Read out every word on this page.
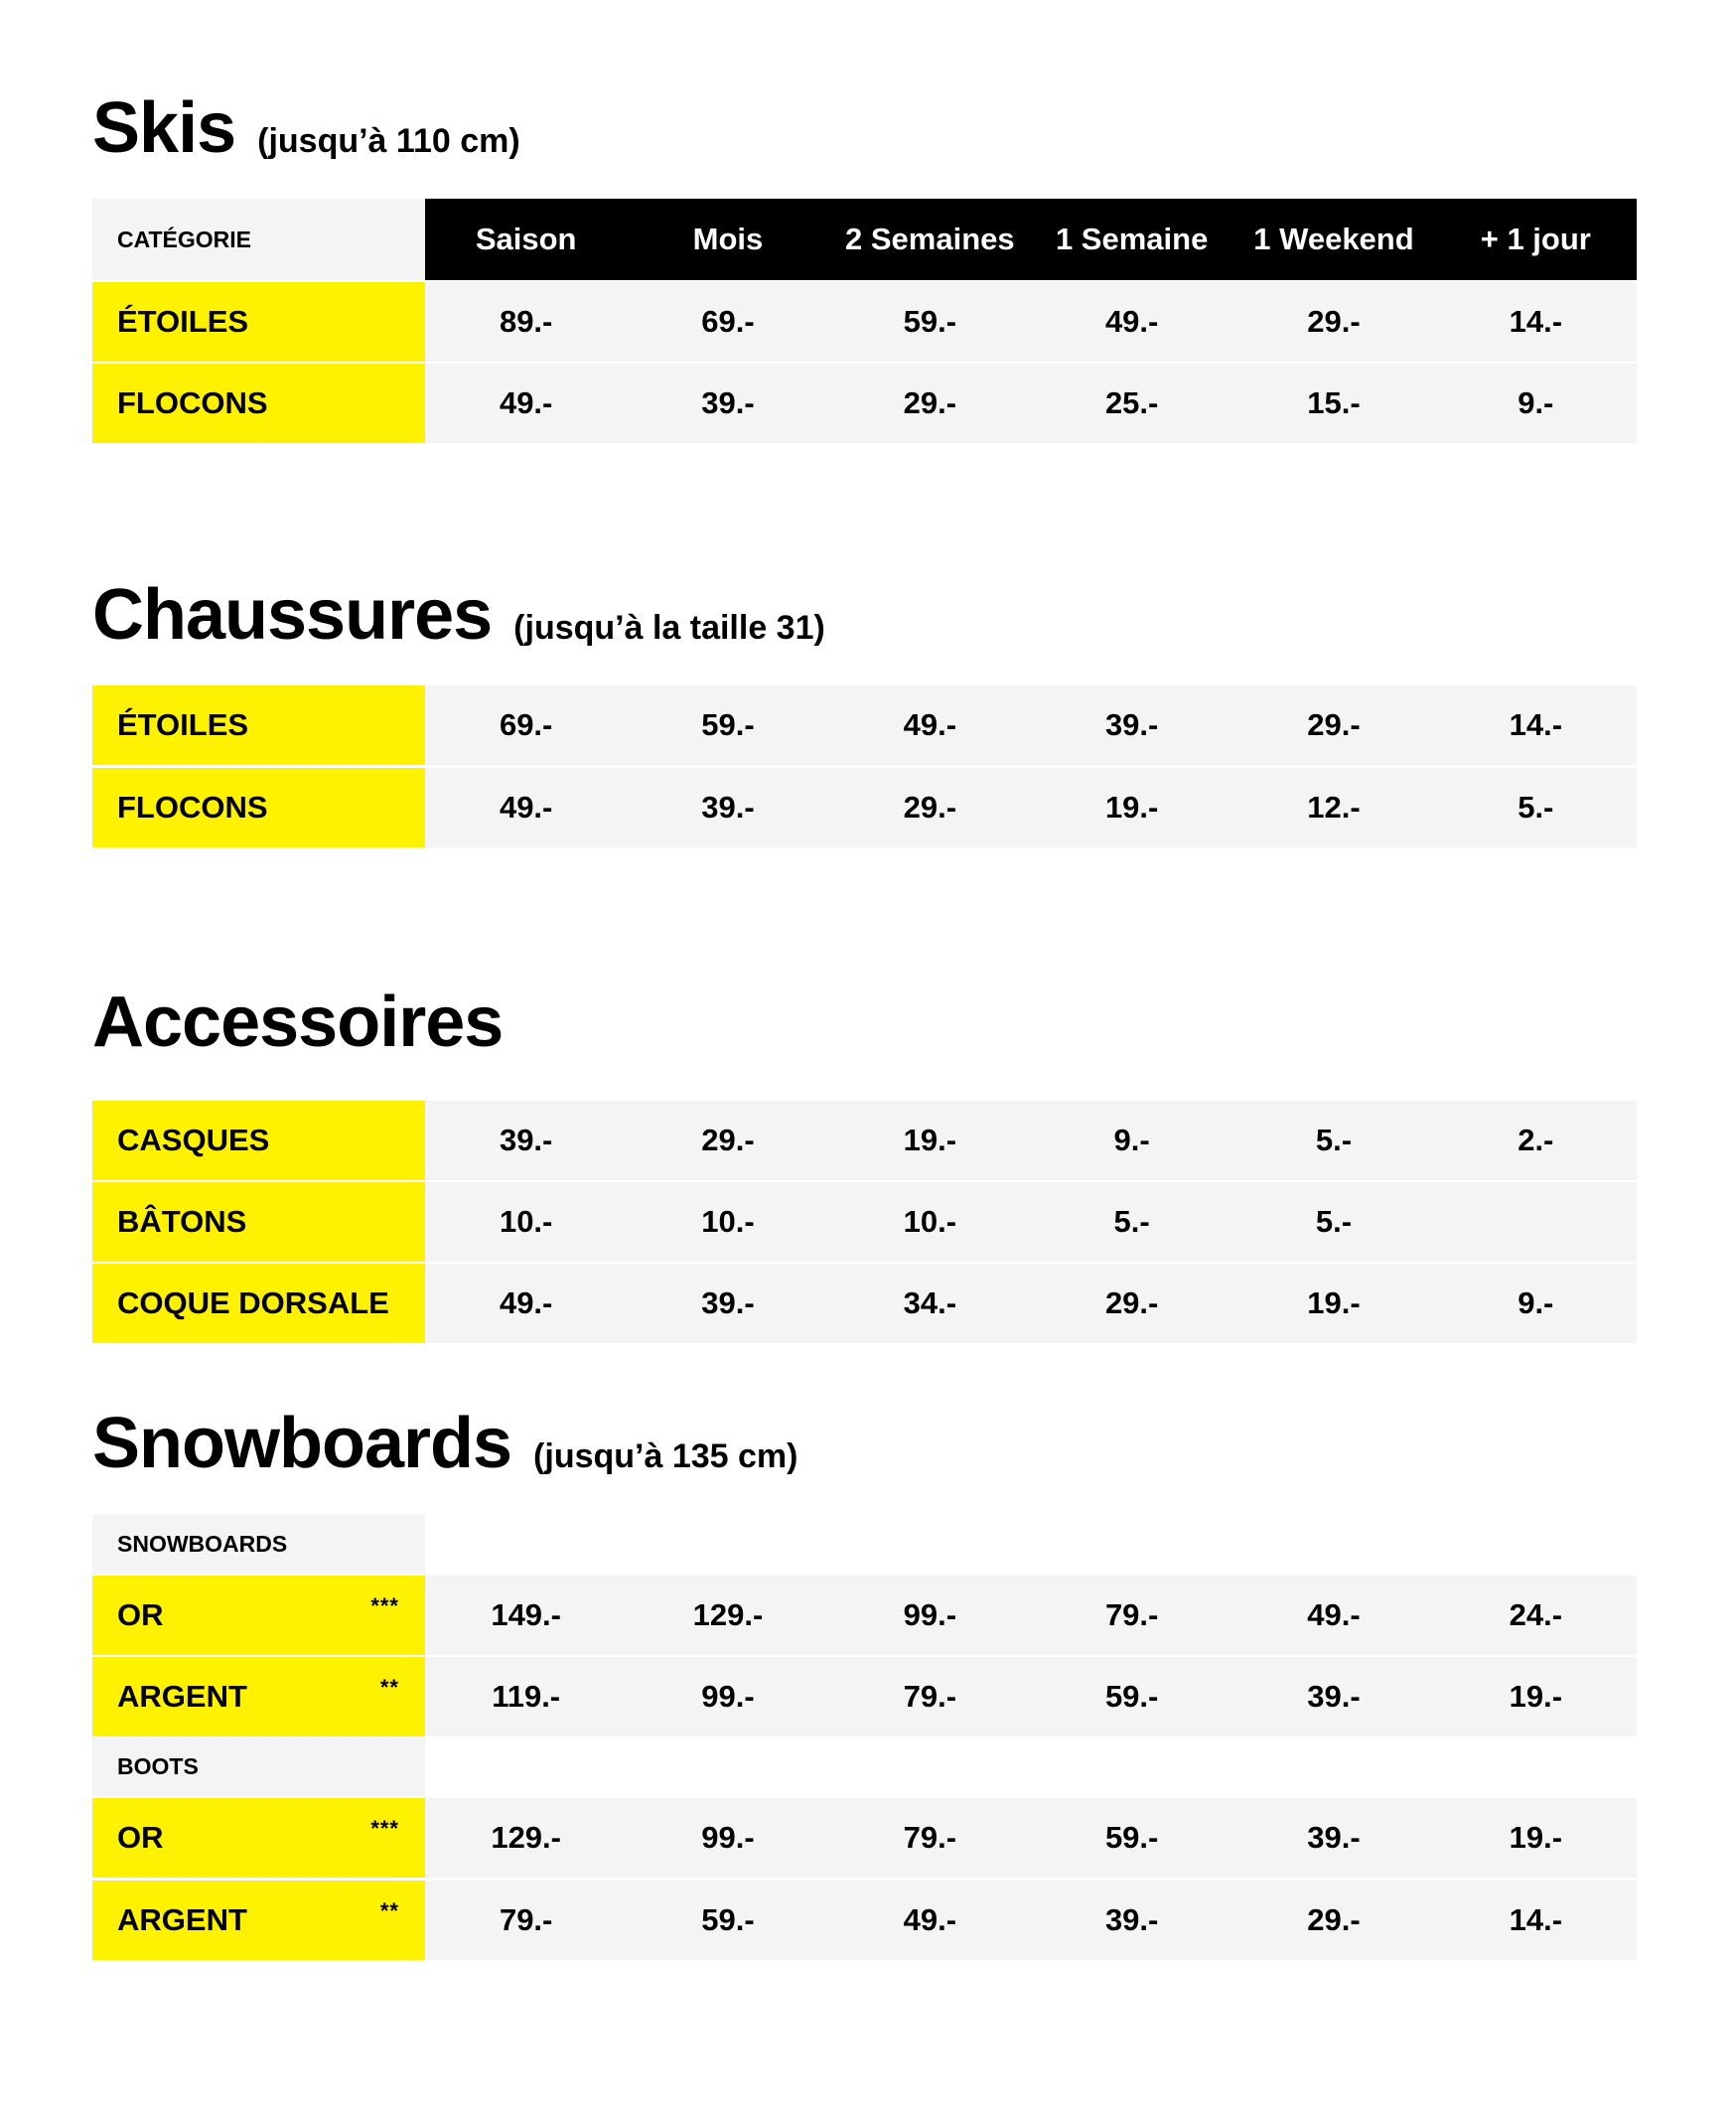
Skis (jusqu’à 110 cm)
CATÉGORIE	Saison	Mois	2 Semaines	1 Semaine	1 Weekend	+ 1 jour
ÉTOILES	89.-	69.-	59.-	49.-	29.-	14.-
FLOCONS	49.-	39.-	29.-	25.-	15.-	9.-
Chaussures (jusqu’à la taille 31)
ÉTOILES	69.-	59.-	49.-	39.-	29.-	14.-
FLOCONS	49.-	39.-	29.-	19.-	12.-	5.-
Accessoires
CASQUES	39.-	29.-	19.-	9.-	5.-	2.-
BÂTONS	10.-	10.-	10.-	5.-	5.-
COQUE DORSALE	49.-	39.-	34.-	29.-	19.-	9.-
Snowboards (jusqu’à 135 cm)
SNOWBOARDS
OR	***	149.-	129.-	99.-	79.-	49.-	24.-
ARGENT	**	119.-	99.-	79.-	59.-	39.-	19.-
BOOTS
OR	***	129.-	99.-	79.-	59.-	39.-	19.-
ARGENT	**	79.-	59.-	49.-	39.-	29.-	14.-
